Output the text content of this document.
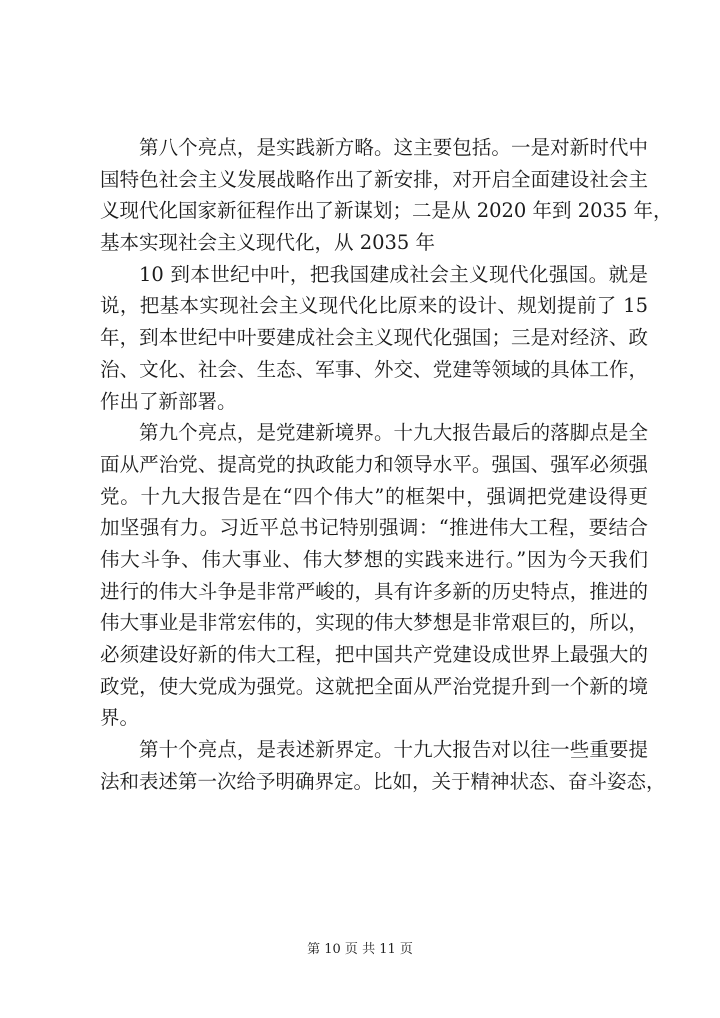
第八个亮点，是实践新方略。这主要包括。一是对新时代中
国特色社会主义发展战略作出了新安排，对开启全面建设社会主
义现代化国家新征程作出了新谋划；二是从 2020 年到 2035 年，
基本实现社会主义现代化，从 2035 年

10 到本世纪中叶，把我国建成社会主义现代化强国。就是
说，把基本实现社会主义现代化比原来的设计、规划提前了 15
年，到本世纪中叶要建成社会主义现代化强国；三是对经济、政
治、文化、社会、生态、军事、外交、党建等领域的具体工作，
作出了新部署。

第九个亮点，是党建新境界。十九大报告最后的落脚点是全
面从严治党、提高党的执政能力和领导水平。强国、强军必须强
党。十九大报告是在“四个伟大”的框架中，强调把党建设得更
加坚强有力。习近平总书记特别强调：“推进伟大工程，要结合
伟大斗争、伟大事业、伟大梦想的实践来进行。”因为今天我们
进行的伟大斗争是非常严峻的，具有许多新的历史特点，推进的
伟大事业是非常宏伟的，实现的伟大梦想是非常艰巨的，所以，
必须建设好新的伟大工程，把中国共产党建设成世界上最强大的
政党，使大党成为强党。这就把全面从严治党提升到一个新的境
界。

第十个亮点，是表述新界定。十九大报告对以往一些重要提
法和表述第一次给予明确界定。比如，关于精神状态、奋斗姿态，

第 10 页 共 11 页
